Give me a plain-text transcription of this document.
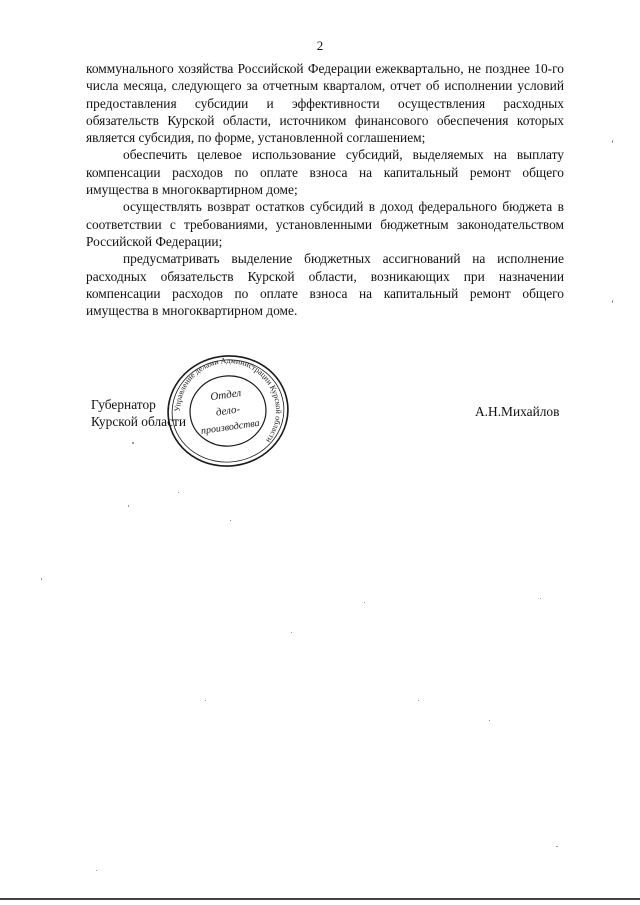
2

коммунального хозяйства Российской Федерации ежеквартально, не позднее 10-го числа месяца, следующего за отчетным кварталом, отчет об исполнении условий предоставления субсидии и эффективности осуществления расходных обязательств Курской области, источником финансового обеспечения которых является субсидия, по форме, установленной соглашением;

обеспечить целевое использование субсидий, выделяемых на выплату компенсации расходов по оплате взноса на капитальный ремонт общего имущества в многоквартирном доме;

осуществлять возврат остатков субсидий в доход федерального бюджета в соответствии с требованиями, установленными бюджетным законодательством Российской Федерации;

предусматривать выделение бюджетных ассигнований на исполнение расходных обязательств Курской области, возникающих при назначении компенсации расходов по оплате взноса на капитальный ремонт общего имущества в многоквартирном доме.

Губернатор
Курской области
А.Н.Михайлов
Управление делами Администрации Курской области
Отдел
дело-
производства
